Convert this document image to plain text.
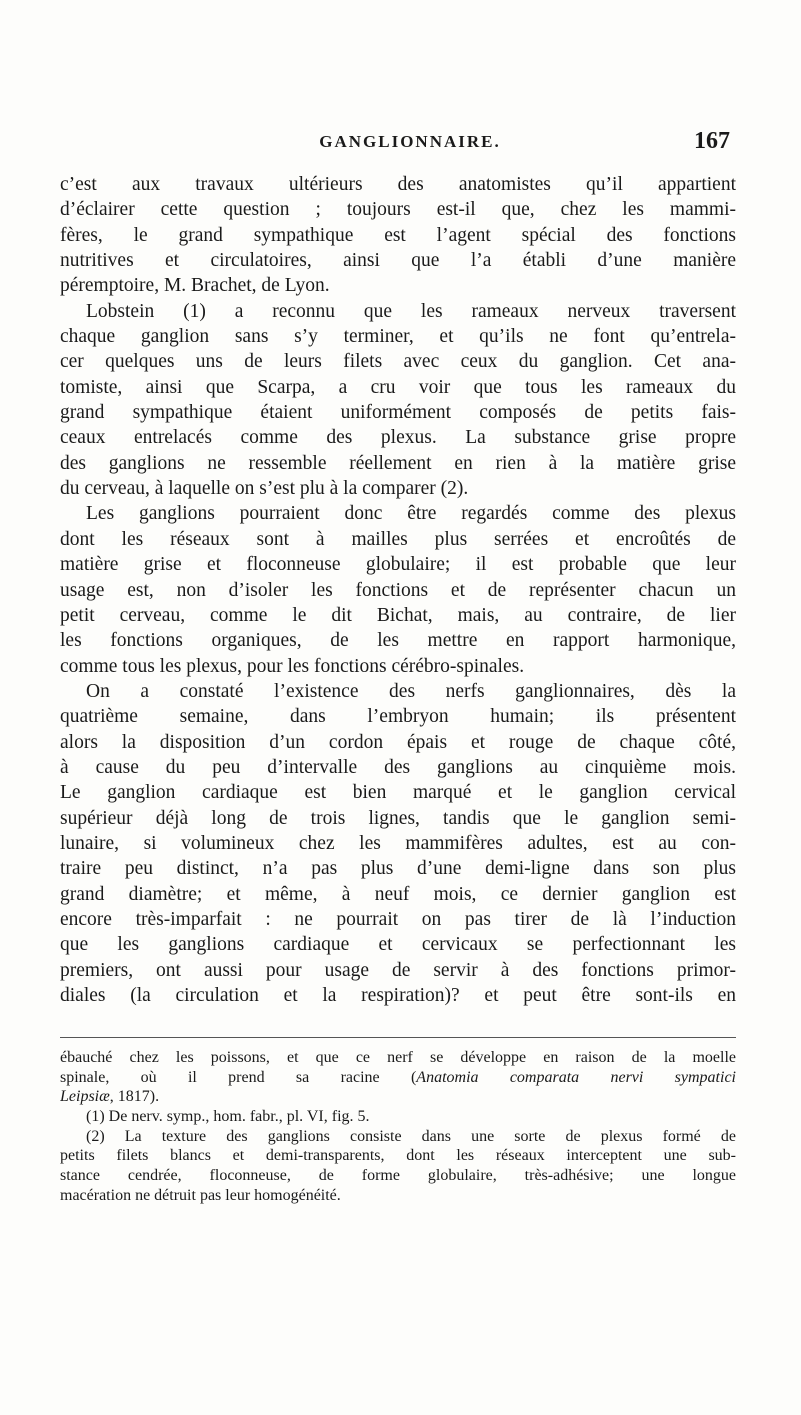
GANGLIONNAIRE.	167
c’est aux travaux ultérieurs des anatomistes qu’il appartient
d’éclairer cette question ; toujours est-il que, chez les mammi-
fères, le grand sympathique est l’agent spécial des fonctions
nutritives et circulatoires, ainsi que l’a établi d’une manière
péremptoire, M. Brachet, de Lyon.
Lobstein (1) a reconnu que les rameaux nerveux traversent
chaque ganglion sans s’y terminer, et qu’ils ne font qu’entrela-
cer quelques uns de leurs filets avec ceux du ganglion. Cet ana-
tomiste, ainsi que Scarpa, a cru voir que tous les rameaux du
grand sympathique étaient uniformément composés de petits fais-
ceaux entrelacés comme des plexus. La substance grise propre
des ganglions ne ressemble réellement en rien à la matière grise
du cerveau, à laquelle on s’est plu à la comparer (2).
Les ganglions pourraient donc être regardés comme des plexus
dont les réseaux sont à mailles plus serrées et encroûtés de
matière grise et floconneuse globulaire; il est probable que leur
usage est, non d’isoler les fonctions et de représenter chacun un
petit cerveau, comme le dit Bichat, mais, au contraire, de lier
les fonctions organiques, de les mettre en rapport harmonique,
comme tous les plexus, pour les fonctions cérébro-spinales.
On a constaté l’existence des nerfs ganglionnaires, dès la
quatrième semaine, dans l’embryon humain; ils présentent
alors la disposition d’un cordon épais et rouge de chaque côté,
à cause du peu d’intervalle des ganglions au cinquième mois.
Le ganglion cardiaque est bien marqué et le ganglion cervical
supérieur déjà long de trois lignes, tandis que le ganglion semi-
lunaire, si volumineux chez les mammifères adultes, est au con-
traire peu distinct, n’a pas plus d’une demi-ligne dans son plus
grand diamètre; et même, à neuf mois, ce dernier ganglion est
encore très-imparfait : ne pourrait on pas tirer de là l’induction
que les ganglions cardiaque et cervicaux se perfectionnant les
premiers, ont aussi pour usage de servir à des fonctions primor-
diales (la circulation et la respiration)? et peut être sont-ils en
ébauché chez les poissons, et que ce nerf se développe en raison de la moelle
spinale, où il prend sa racine (Anatomia comparata nervi sympatici
Leipsiæ, 1817).
(1) De nerv. symp., hom. fabr., pl. VI, fig. 5.
(2) La texture des ganglions consiste dans une sorte de plexus formé de
petits filets blancs et demi-transparents, dont les réseaux interceptent une sub-
stance cendrée, floconneuse, de forme globulaire, très-adhésive; une longue
macération ne détruit pas leur homogénéité.
